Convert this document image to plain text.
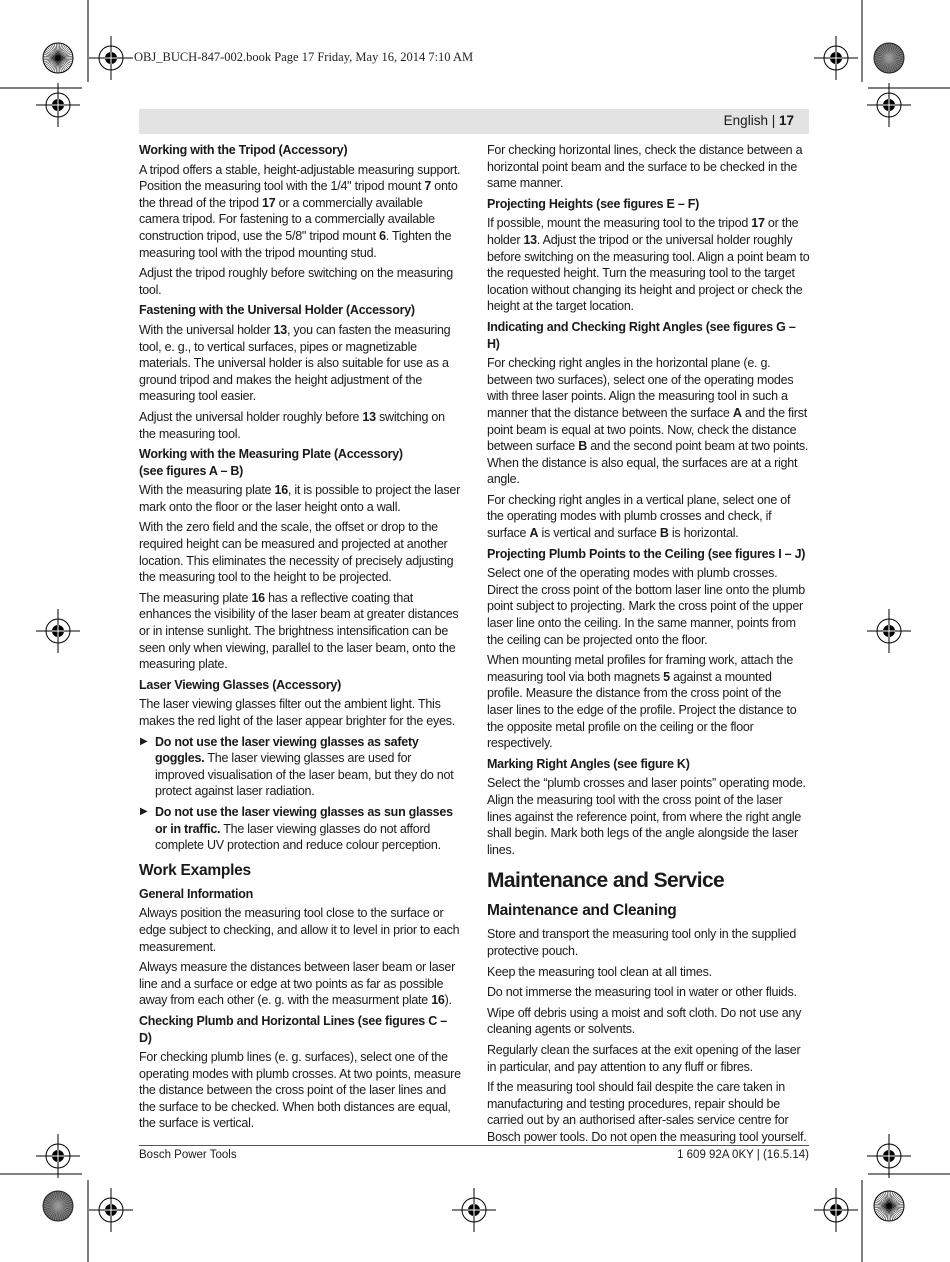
OBJ_BUCH-847-002.book Page 17 Friday, May 16, 2014 7:10 AM
English | 17
Working with the Tripod (Accessory)

A tripod offers a stable, height-adjustable measuring support. Position the measuring tool with the 1/4" tripod mount 7 onto the thread of the tripod 17 or a commercially available camera tripod. For fastening to a commercially available construction tripod, use the 5/8" tripod mount 6. Tighten the measuring tool with the tripod mounting stud.

Adjust the tripod roughly before switching on the measuring tool.

Fastening with the Universal Holder (Accessory)

With the universal holder 13, you can fasten the measuring tool, e. g., to vertical surfaces, pipes or magnetizable materials. The universal holder is also suitable for use as a ground tripod and makes the height adjustment of the measuring tool easier.

Adjust the universal holder roughly before 13 switching on the measuring tool.

Working with the Measuring Plate (Accessory)
(see figures A – B)

With the measuring plate 16, it is possible to project the laser mark onto the floor or the laser height onto a wall.

With the zero field and the scale, the offset or drop to the required height can be measured and projected at another location. This eliminates the necessity of precisely adjusting the measuring tool to the height to be projected.

The measuring plate 16 has a reflective coating that enhances the visibility of the laser beam at greater distances or in intense sunlight. The brightness intensification can be seen only when viewing, parallel to the laser beam, onto the measuring plate.

Laser Viewing Glasses (Accessory)

The laser viewing glasses filter out the ambient light. This makes the red light of the laser appear brighter for the eyes.

▶ Do not use the laser viewing glasses as safety goggles. The laser viewing glasses are used for improved visualisation of the laser beam, but they do not protect against laser radiation.
▶ Do not use the laser viewing glasses as sun glasses or in traffic. The laser viewing glasses do not afford complete UV protection and reduce colour perception.
Work Examples
General Information

Always position the measuring tool close to the surface or edge subject to checking, and allow it to level in prior to each measurement.

Always measure the distances between laser beam or laser line and a surface or edge at two points as far as possible away from each other (e. g. with the measurment plate 16).

Checking Plumb and Horizontal Lines (see figures C – D)

For checking plumb lines (e. g. surfaces), select one of the operating modes with plumb crosses. At two points, measure the distance between the cross point of the laser lines and the surface to be checked. When both distances are equal, the surface is vertical.

For checking horizontal lines, check the distance between a horizontal point beam and the surface to be checked in the same manner.

Projecting Heights (see figures E – F)

If possible, mount the measuring tool to the tripod 17 or the holder 13. Adjust the tripod or the universal holder roughly before switching on the measuring tool. Align a point beam to the requested height. Turn the measuring tool to the target location without changing its height and project or check the height at the target location.

Indicating and Checking Right Angles (see figures G – H)

For checking right angles in the horizontal plane (e. g. between two surfaces), select one of the operating modes with three laser points. Align the measuring tool in such a manner that the distance between the surface A and the first point beam is equal at two points. Now, check the distance between surface B and the second point beam at two points. When the distance is also equal, the surfaces are at a right angle.

For checking right angles in a vertical plane, select one of the operating modes with plumb crosses and check, if surface A is vertical and surface B is horizontal.

Projecting Plumb Points to the Ceiling (see figures I – J)

Select one of the operating modes with plumb crosses. Direct the cross point of the bottom laser line onto the plumb point subject to projecting. Mark the cross point of the upper laser line onto the ceiling. In the same manner, points from the ceiling can be projected onto the floor.

When mounting metal profiles for framing work, attach the measuring tool via both magnets 5 against a mounted profile. Measure the distance from the cross point of the laser lines to the edge of the profile. Project the distance to the opposite metal profile on the ceiling or the floor respectively.

Marking Right Angles (see figure K)

Select the “plumb crosses and laser points” operating mode. Align the measuring tool with the cross point of the laser lines against the reference point, from where the right angle shall begin. Mark both legs of the angle alongside the laser lines.

Maintenance and Service
Maintenance and Cleaning

Store and transport the measuring tool only in the supplied protective pouch.

Keep the measuring tool clean at all times.

Do not immerse the measuring tool in water or other fluids.

Wipe off debris using a moist and soft cloth. Do not use any cleaning agents or solvents.

Regularly clean the surfaces at the exit opening of the laser in particular, and pay attention to any fluff or fibres.

If the measuring tool should fail despite the care taken in manufacturing and testing procedures, repair should be carried out by an authorised after-sales service centre for Bosch power tools. Do not open the measuring tool yourself.

Bosch Power Tools	1 609 92A 0KY | (16.5.14)
